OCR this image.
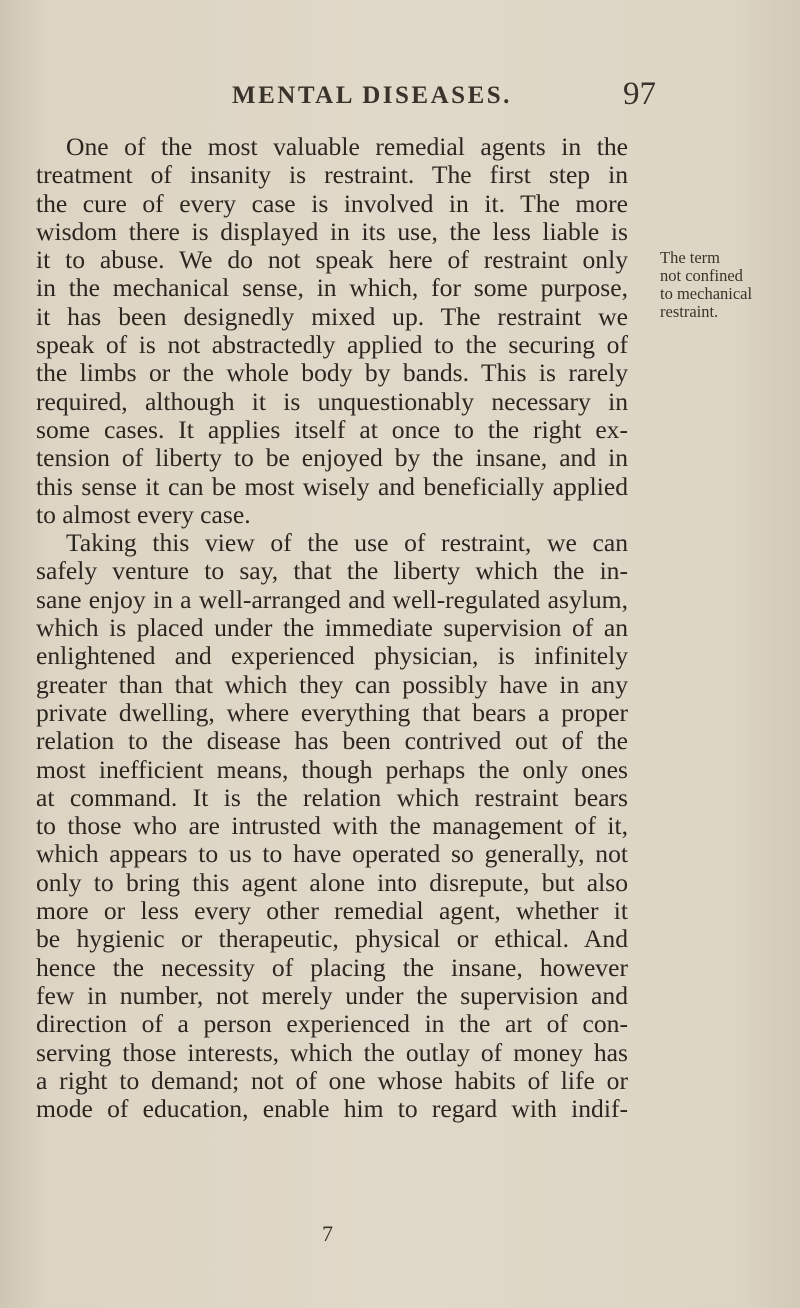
MENTAL DISEASES.	97
One of the most valuable remedial agents in the
treatment of insanity is restraint. The first step in
the cure of every case is involved in it. The more
wisdom there is displayed in its use, the less liable is
it to abuse. We do not speak here of restraint only
in the mechanical sense, in which, for some purpose,
it has been designedly mixed up. The restraint we
speak of is not abstractedly applied to the securing of
the limbs or the whole body by bands. This is rarely
required, although it is unquestionably necessary in
some cases. It applies itself at once to the right ex-
tension of liberty to be enjoyed by the insane, and in
this sense it can be most wisely and beneficially applied
to almost every case.
Taking this view of the use of restraint, we can
safely venture to say, that the liberty which the in-
sane enjoy in a well-arranged and well-regulated asylum,
which is placed under the immediate supervision of an
enlightened and experienced physician, is infinitely
greater than that which they can possibly have in any
private dwelling, where everything that bears a proper
relation to the disease has been contrived out of the
most inefficient means, though perhaps the only ones
at command. It is the relation which restraint bears
to those who are intrusted with the management of it,
which appears to us to have operated so generally, not
only to bring this agent alone into disrepute, but also
more or less every other remedial agent, whether it
be hygienic or therapeutic, physical or ethical. And
hence the necessity of placing the insane, however
few in number, not merely under the supervision and
direction of a person experienced in the art of con-
serving those interests, which the outlay of money has
a right to demand; not of one whose habits of life or
mode of education, enable him to regard with indif-
The term
not confined
to mechanical
restraint.
7
